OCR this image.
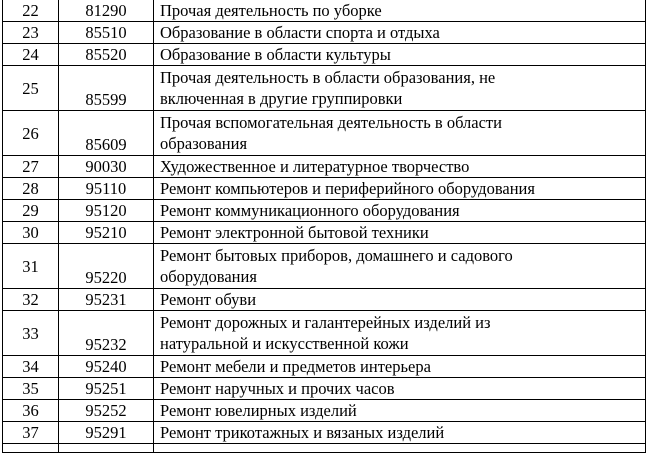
22	81290	Прочая деятельность по уборке

23	85510	Образование в области спорта и отдыха

24	85520	Образование в области культуры

25	85599	Прочая деятельность в области образования, не
включенная в другие группировки

26	85609	Прочая вспомогательная деятельность в области
образования

27	90030	Художественное и литературное творчество

28	95110	Ремонт компьютеров и периферийного оборудования

29	95120	Ремонт коммуникационного оборудования

30	95210	Ремонт электронной бытовой техники

31	95220	Ремонт бытовых приборов, домашнего и садового
оборудования

32	95231	Ремонт обуви

33	95232	Ремонт дорожных и галантерейных изделий из
натуральной и искусственной кожи

34	95240	Ремонт мебели и предметов интерьера

35	95251	Ремонт наручных и прочих часов

36	95252	Ремонт ювелирных изделий

37	95291	Ремонт трикотажных и вязаных изделий
